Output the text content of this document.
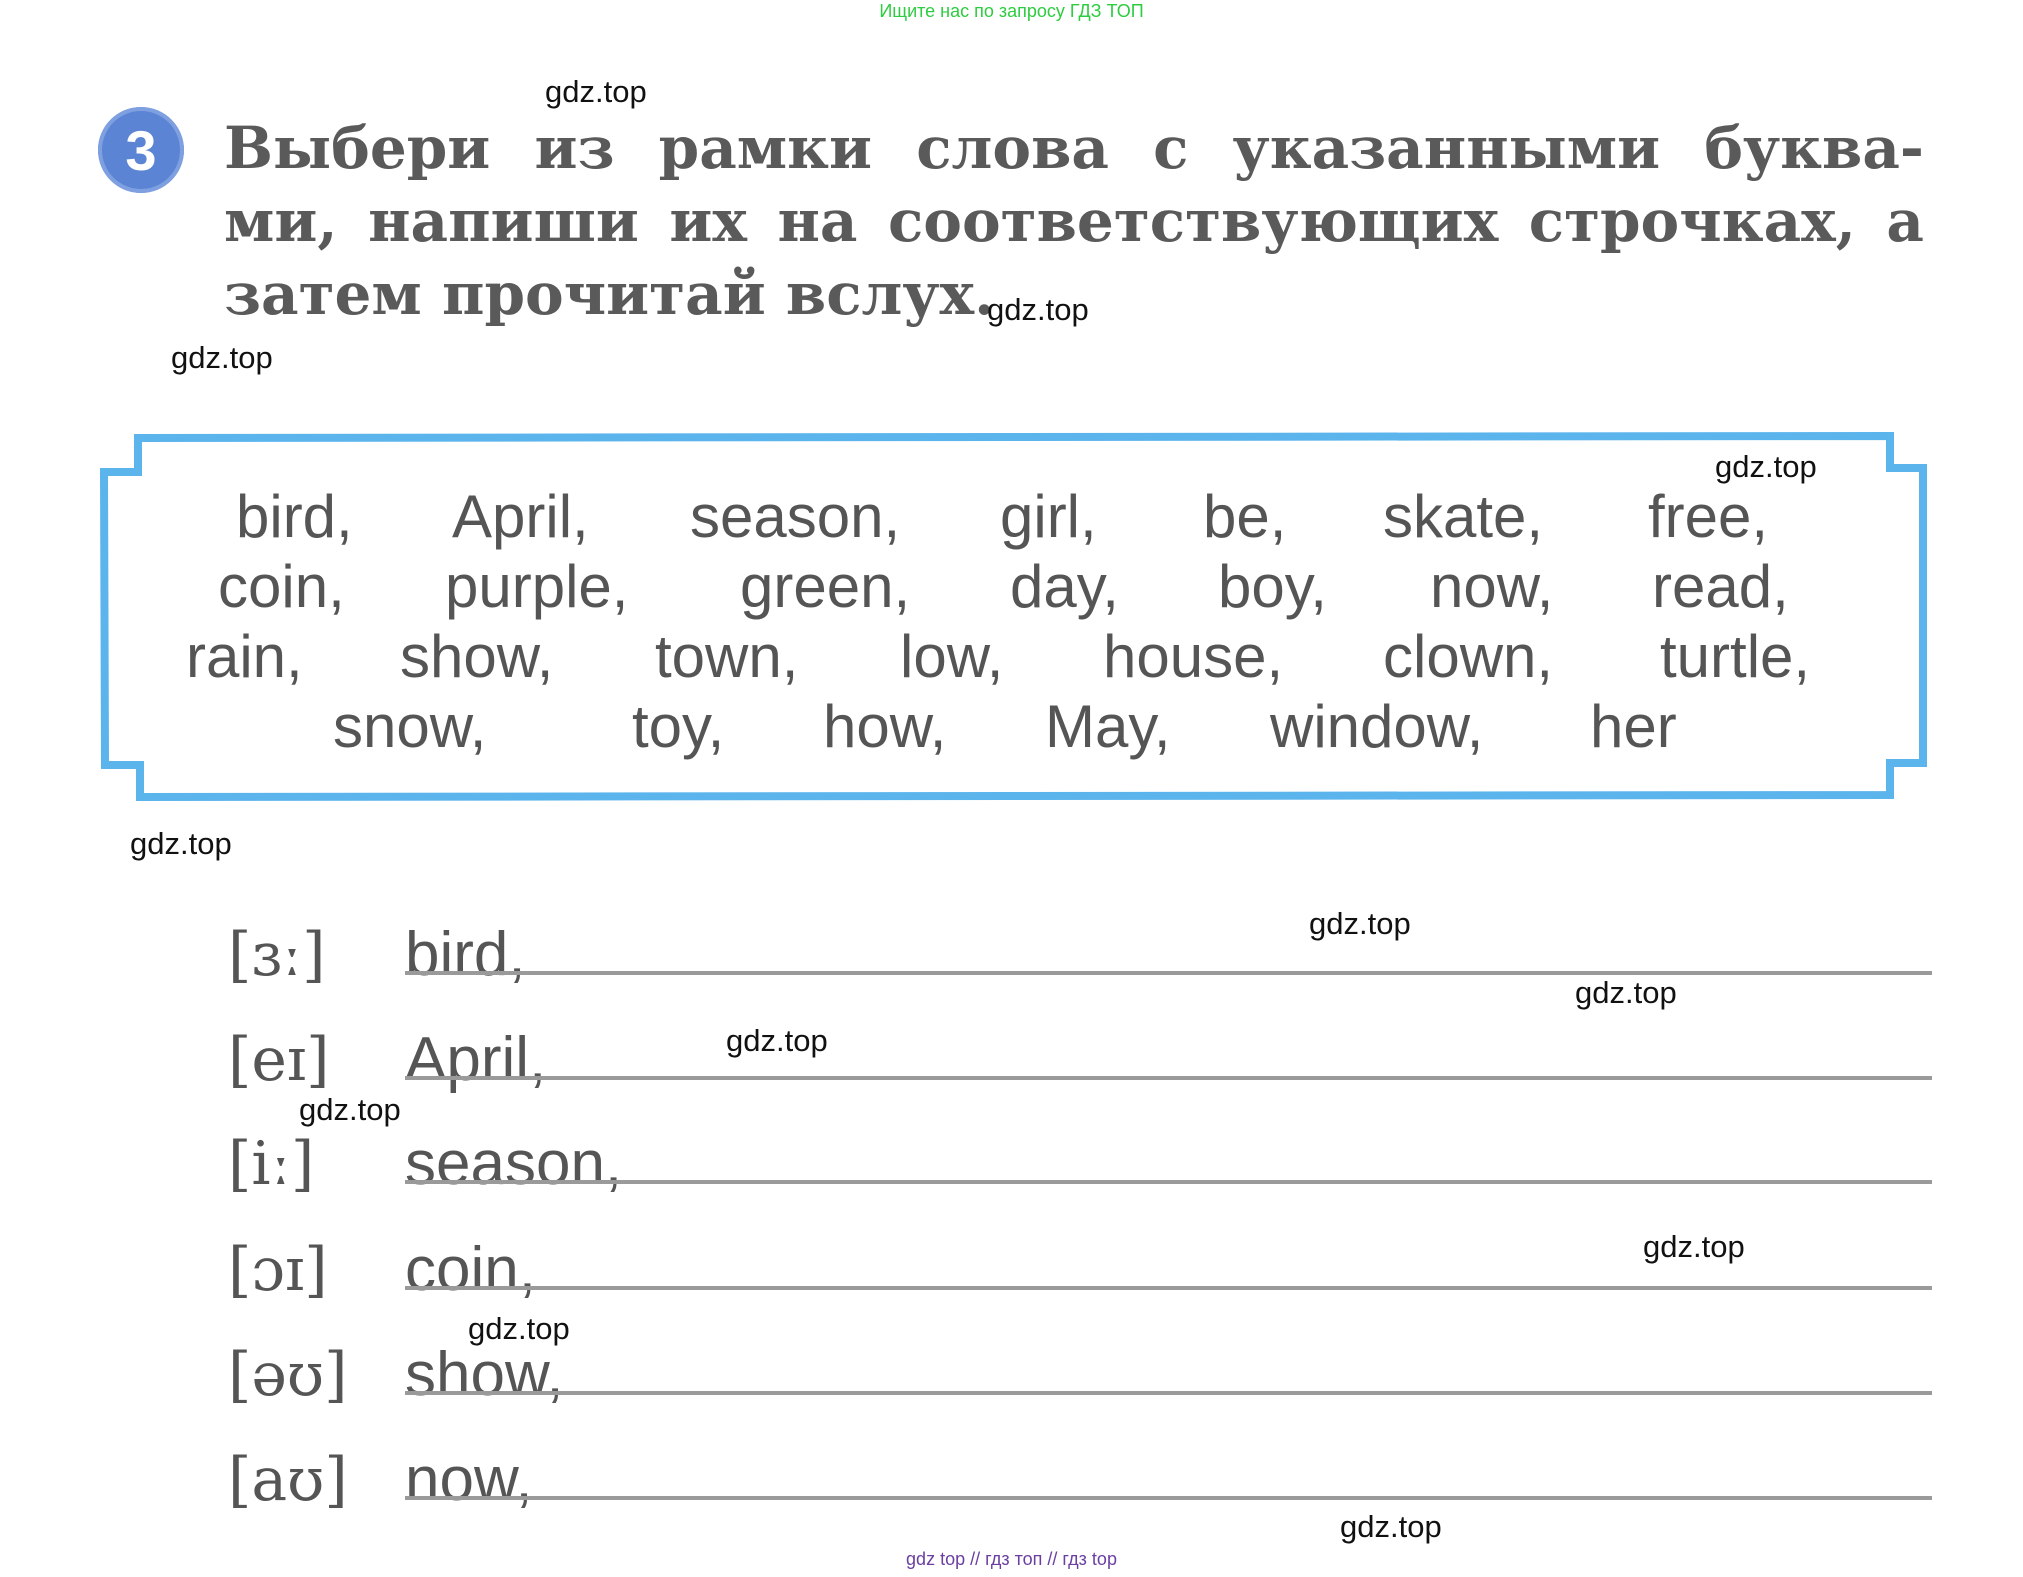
Ищите нас по запросу ГДЗ ТОП
3	Выбери из рамки слова с указанными буква-
ми, напиши их на соответствующих строчках, а
затем прочитай вслух.

bird, April, season, girl, be, skate, free,
coin, purple, green, day, boy, now, read,
rain, show, town, low, house, clown, turtle,
snow, toy, how, May, window, her
[ɜː] bird,
[eɪ] April,
[iː] season,
[ɔɪ] coin,
[əʊ] show,
[aʊ] now,
gdz.top
gdz.top
gdz.top
gdz.top
gdz.top
gdz.top
gdz.top
gdz.top
gdz.top
gdz.top
gdz.top
gdz.top
gdz top // гдз топ // гдз top
